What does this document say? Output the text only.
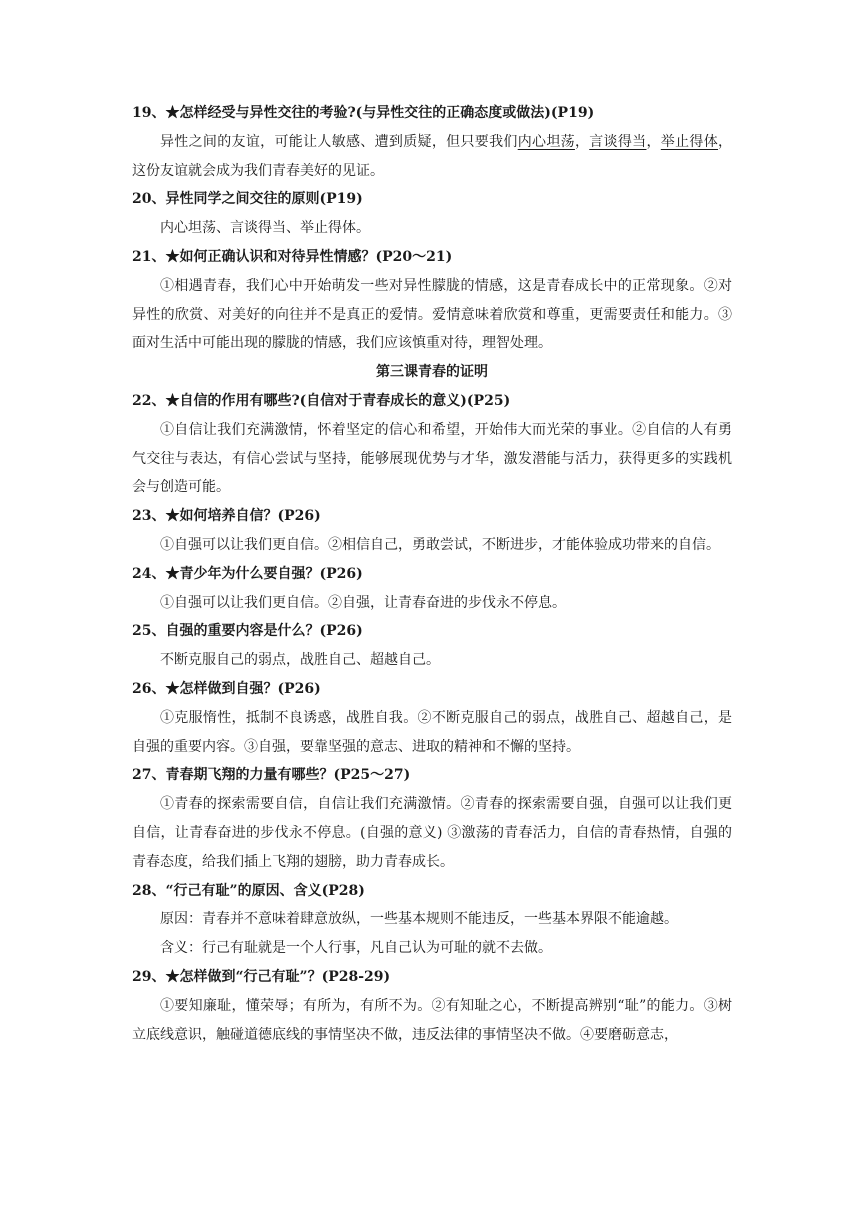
19、★怎样经受与异性交往的考验?(与异性交往的正确态度或做法)(P19)

异性之间的友谊，可能让人敏感、遭到质疑，但只要我们内心坦荡，言谈得当，举止得体，这份友谊就会成为我们青春美好的见证。

20、异性同学之间交往的原则(P19)

内心坦荡、言谈得当、举止得体。

21、★如何正确认识和对待异性情感？(P20～21)

①相遇青春，我们心中开始萌发一些对异性朦胧的情感，这是青春成长中的正常现象。②对异性的欣赏、对美好的向往并不是真正的爱情。爱情意味着欣赏和尊重，更需要责任和能力。③面对生活中可能出现的朦胧的情感，我们应该慎重对待，理智处理。

第三课青春的证明

22、★自信的作用有哪些?(自信对于青春成长的意义)(P25)

①自信让我们充满激情，怀着坚定的信心和希望，开始伟大而光荣的事业。②自信的人有勇气交往与表达，有信心尝试与坚持，能够展现优势与才华，激发潜能与活力，获得更多的实践机会与创造可能。

23、★如何培养自信？(P26)

①自强可以让我们更自信。②相信自己，勇敢尝试，不断进步，才能体验成功带来的自信。

24、★青少年为什么要自强？(P26)

①自强可以让我们更自信。②自强，让青春奋进的步伐永不停息。

25、自强的重要内容是什么？(P26)

不断克服自己的弱点，战胜自己、超越自己。

26、★怎样做到自强？(P26)

①克服惰性，抵制不良诱惑，战胜自我。②不断克服自己的弱点，战胜自己、超越自己，是自强的重要内容。③自强，要靠坚强的意志、进取的精神和不懈的坚持。

27、青春期飞翔的力量有哪些？(P25～27)

①青春的探索需要自信，自信让我们充满激情。②青春的探索需要自强，自强可以让我们更自信，让青春奋进的步伐永不停息。(自强的意义) ③激荡的青春活力，自信的青春热情，自强的青春态度，给我们插上飞翔的翅膀，助力青春成长。

28、“行己有耻”的原因、含义(P28)

原因：青春并不意味着肆意放纵，一些基本规则不能违反，一些基本界限不能逾越。

含义：行己有耻就是一个人行事，凡自己认为可耻的就不去做。

29、★怎样做到“行己有耻”？(P28-29)

①要知廉耻，懂荣辱；有所为，有所不为。②有知耻之心，不断提高辨别“耻”的能力。③树立底线意识，触碰道德底线的事情坚决不做，违反法律的事情坚决不做。④要磨砺意志，
